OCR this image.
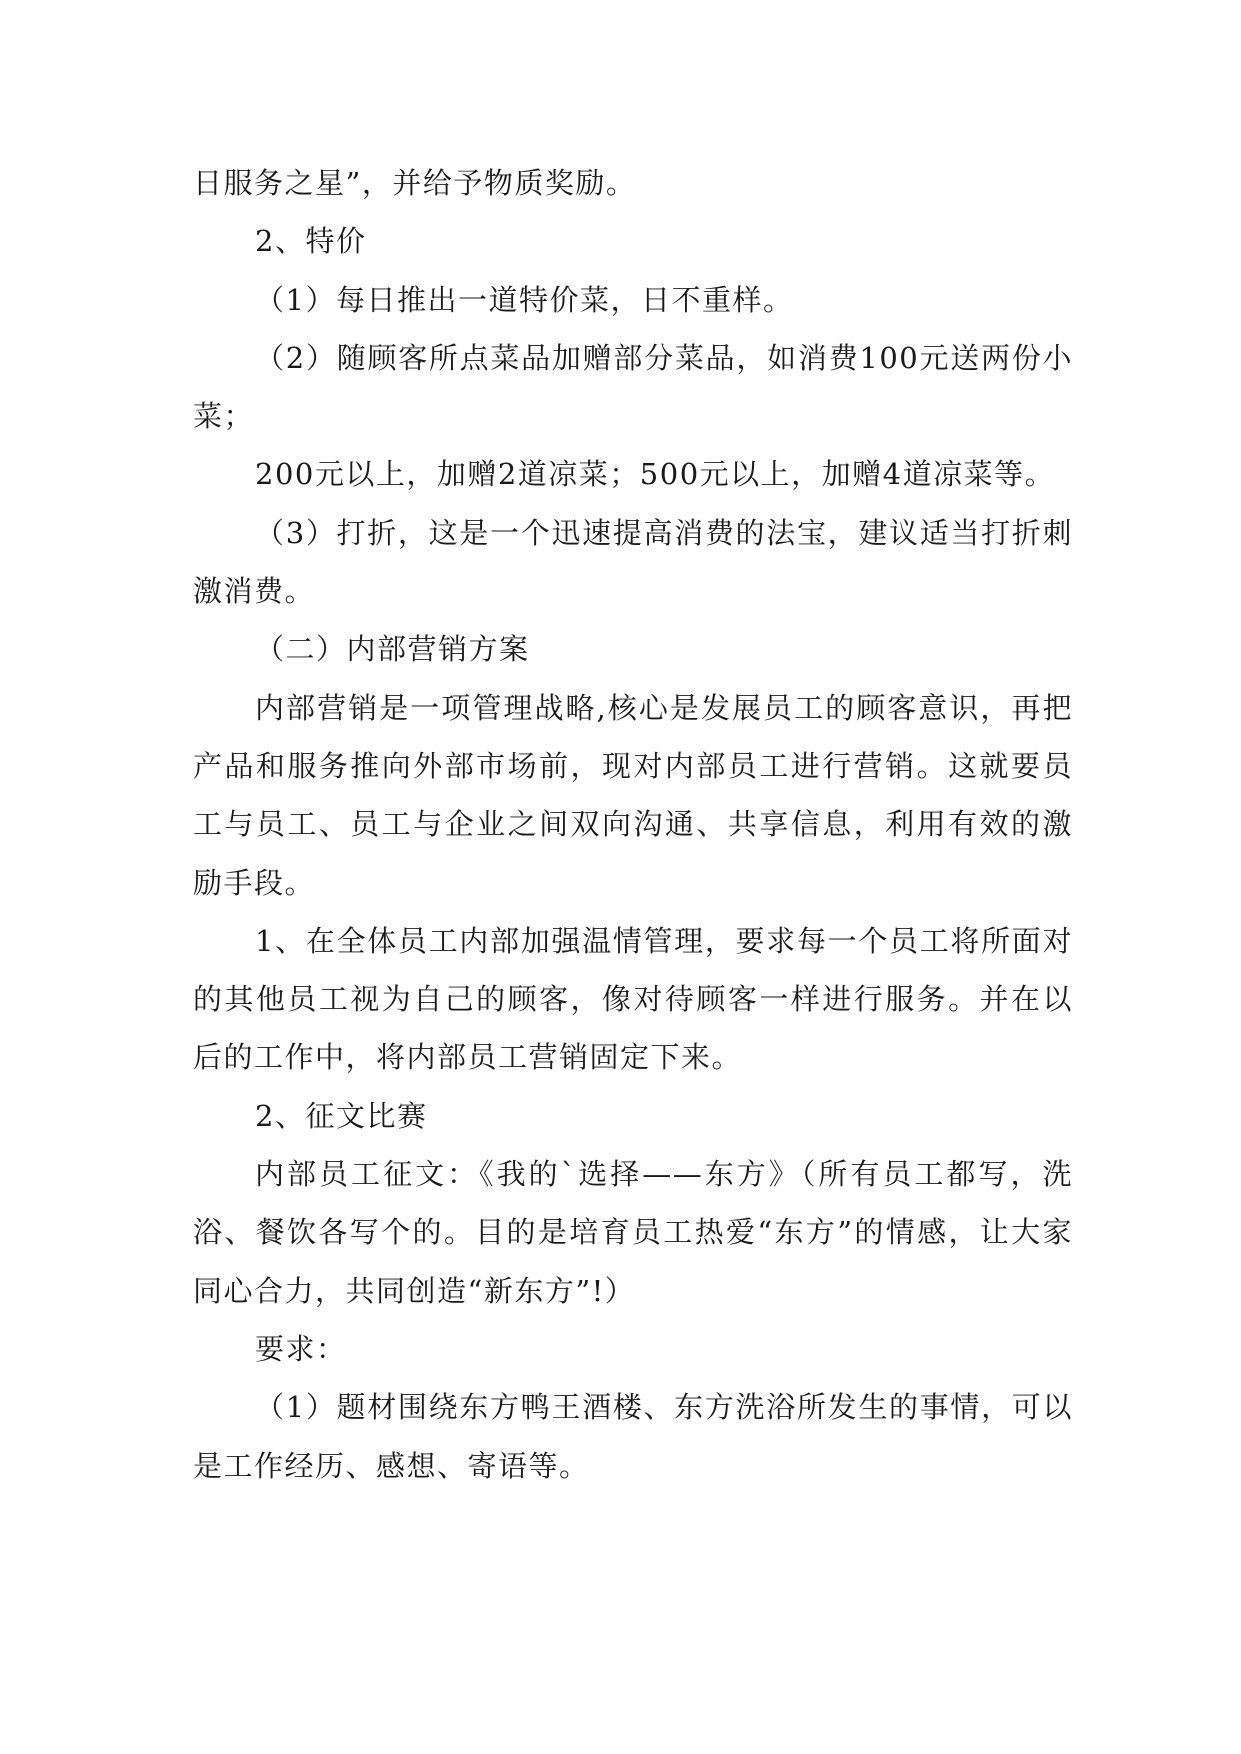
日服务之星”，并给予物质奖励。

2、特价

（1）每日推出一道特价菜，日不重样。

（2）随顾客所点菜品加赠部分菜品，如消费100元送两份小菜；

200元以上，加赠2道凉菜；500元以上，加赠4道凉菜等。

（3）打折，这是一个迅速提高消费的法宝，建议适当打折刺激消费。

（二）内部营销方案

内部营销是一项管理战略,核心是发展员工的顾客意识，再把产品和服务推向外部市场前，现对内部员工进行营销。这就要员工与员工、员工与企业之间双向沟通、共享信息，利用有效的激励手段。

1、在全体员工内部加强温情管理，要求每一个员工将所面对的其他员工视为自己的顾客，像对待顾客一样进行服务。并在以后的工作中，将内部员工营销固定下来。

2、征文比赛

内部员工征文：《我的`选择——东方》（所有员工都写，洗浴、餐饮各写个的。目的是培育员工热爱“东方”的情感，让大家同心合力，共同创造“新东方”!）

要求：

（1）题材围绕东方鸭王酒楼、东方洗浴所发生的事情，可以是工作经历、感想、寄语等。
